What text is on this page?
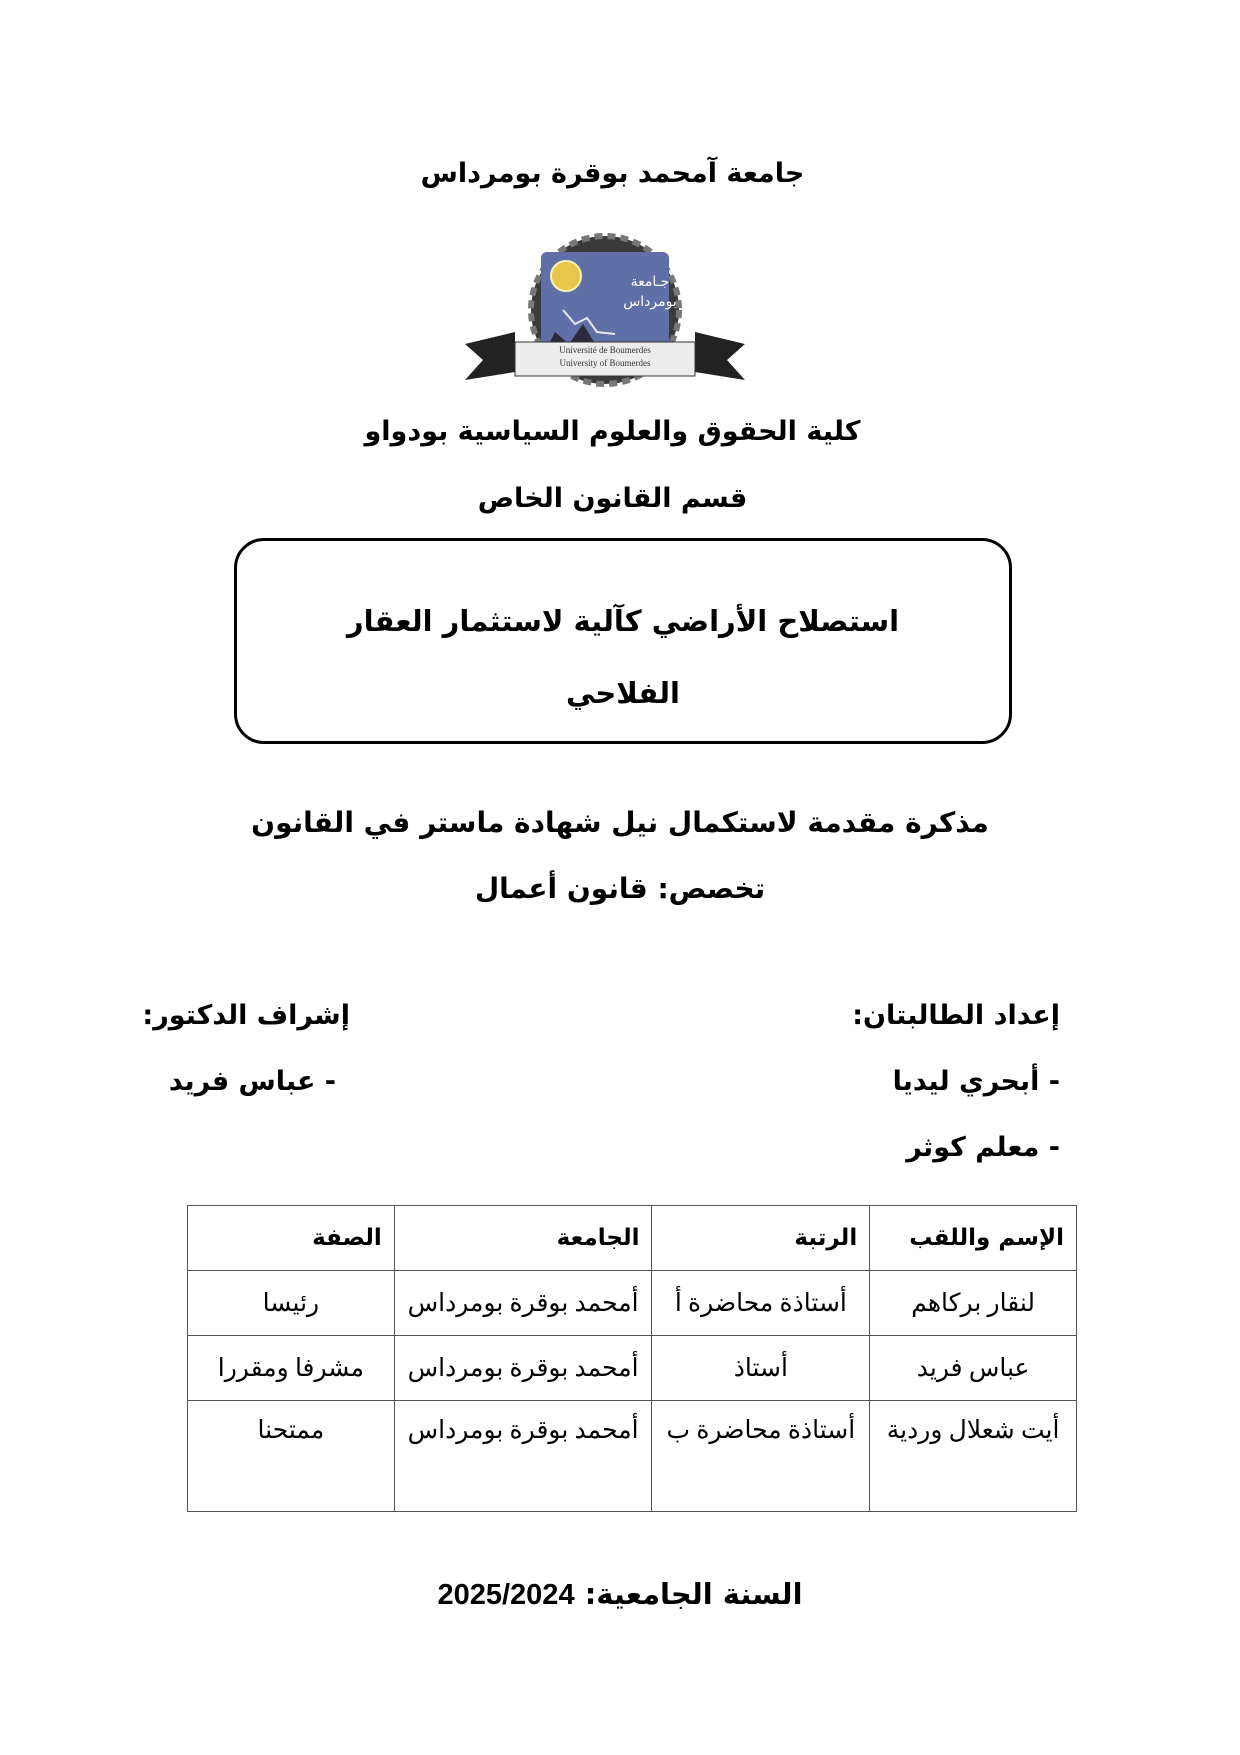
جامعة آمحمد بوقرة بومرداس
جـامعة بومرداس
Université de Boumerdes
University of Boumerdes
كلية الحقوق والعلوم السياسية بودواو
قسم القانون الخاص
استصلاح الأراضي كآلية لاستثمار العقار
الفلاحي
مذكرة مقدمة لاستكمال نيل شهادة ماستر في القانون
تخصص: قانون أعمال
إعداد الطالبتان:
- أبحري ليديا
- معلم كوثر
إشراف الدكتور:
- عباس فريد
الإسم واللقب	الرتبة	الجامعة	الصفة
لنقار بركاهم	أستاذة محاضرة أ	أمحمد بوقرة بومرداس	رئيسا
عباس فريد	أستاذ	أمحمد بوقرة بومرداس	مشرفا ومقررا
أيت شعلال وردية	أستاذة محاضرة ب	أمحمد بوقرة بومرداس	ممتحنا
السنة الجامعية: 2025/2024
